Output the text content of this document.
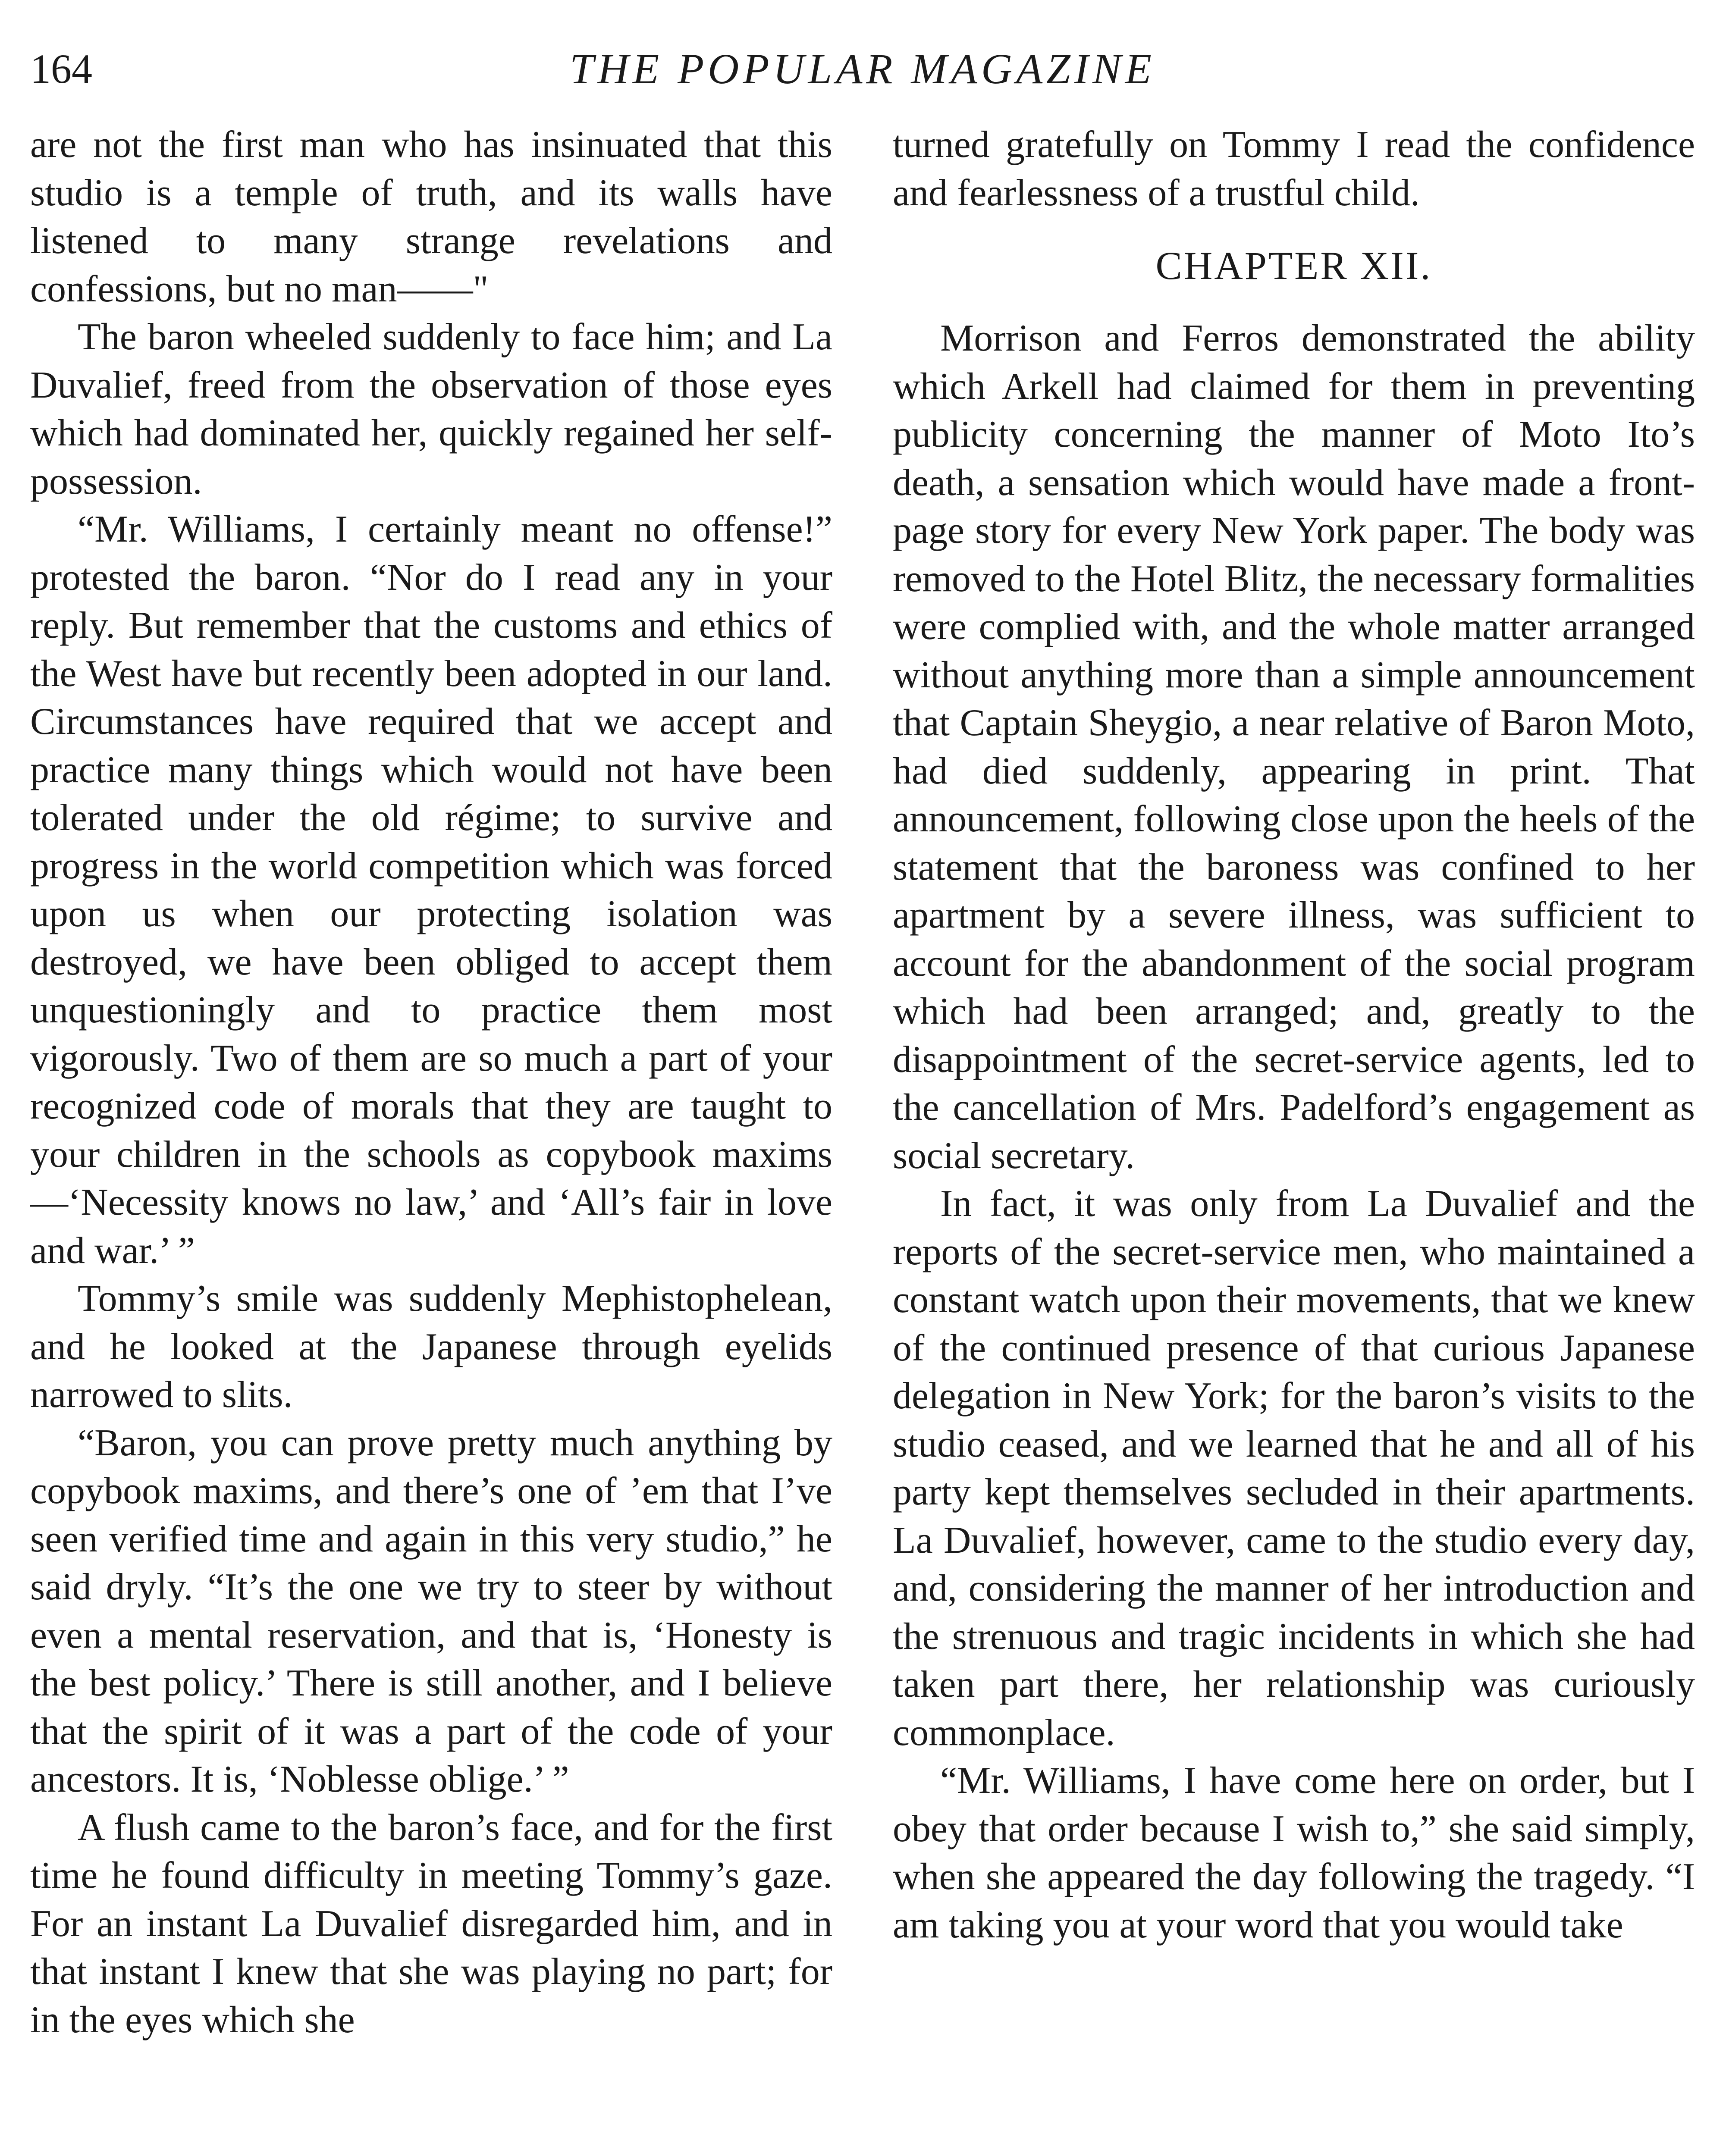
164	THE POPULAR MAGAZINE

are not the first man who has insinuated that this studio is a temple of truth, and its walls have listened to many strange revelations and confessions, but no man——"

The baron wheeled suddenly to face him; and La Duvalief, freed from the observation of those eyes which had dominated her, quickly regained her self-possession.

“Mr. Williams, I certainly meant no offense!” protested the baron. “Nor do I read any in your reply. But remember that the customs and ethics of the West have but recently been adopted in our land. Circumstances have required that we accept and practice many things which would not have been tolerated under the old régime; to survive and progress in the world competition which was forced upon us when our protecting isolation was destroyed, we have been obliged to accept them unquestioningly and to practice them most vigorously. Two of them are so much a part of your recognized code of morals that they are taught to your children in the schools as copybook maxims—‘Necessity knows no law,’ and ‘All’s fair in love and war.’ ”

Tommy’s smile was suddenly Mephistophelean, and he looked at the Japanese through eyelids narrowed to slits.

“Baron, you can prove pretty much anything by copybook maxims, and there’s one of ’em that I’ve seen verified time and again in this very studio,” he said dryly. “It’s the one we try to steer by without even a mental reservation, and that is, ‘Honesty is the best policy.’ There is still another, and I believe that the spirit of it was a part of the code of your ancestors. It is, ‘Noblesse oblige.’ ”

A flush came to the baron’s face, and for the first time he found difficulty in meeting Tommy’s gaze. For an instant La Duvalief disregarded him, and in that instant I knew that she was playing no part; for in the eyes which she

turned gratefully on Tommy I read the confidence and fearlessness of a trustful child.

CHAPTER XII.

Morrison and Ferros demonstrated the ability which Arkell had claimed for them in preventing publicity concerning the manner of Moto Ito’s death, a sensation which would have made a front-page story for every New York paper. The body was removed to the Hotel Blitz, the necessary formalities were complied with, and the whole matter arranged without anything more than a simple announcement that Captain Sheygio, a near relative of Baron Moto, had died suddenly, appearing in print. That announcement, following close upon the heels of the statement that the baroness was confined to her apartment by a severe illness, was sufficient to account for the abandonment of the social program which had been arranged; and, greatly to the disappointment of the secret-service agents, led to the cancellation of Mrs. Padelford’s engagement as social secretary.

In fact, it was only from La Duvalief and the reports of the secret-service men, who maintained a constant watch upon their movements, that we knew of the continued presence of that curious Japanese delegation in New York; for the baron’s visits to the studio ceased, and we learned that he and all of his party kept themselves secluded in their apartments. La Duvalief, however, came to the studio every day, and, considering the manner of her introduction and the strenuous and tragic incidents in which she had taken part there, her relationship was curiously commonplace.

“Mr. Williams, I have come here on order, but I obey that order because I wish to,” she said simply, when she appeared the day following the tragedy. “I am taking you at your word that you would take
